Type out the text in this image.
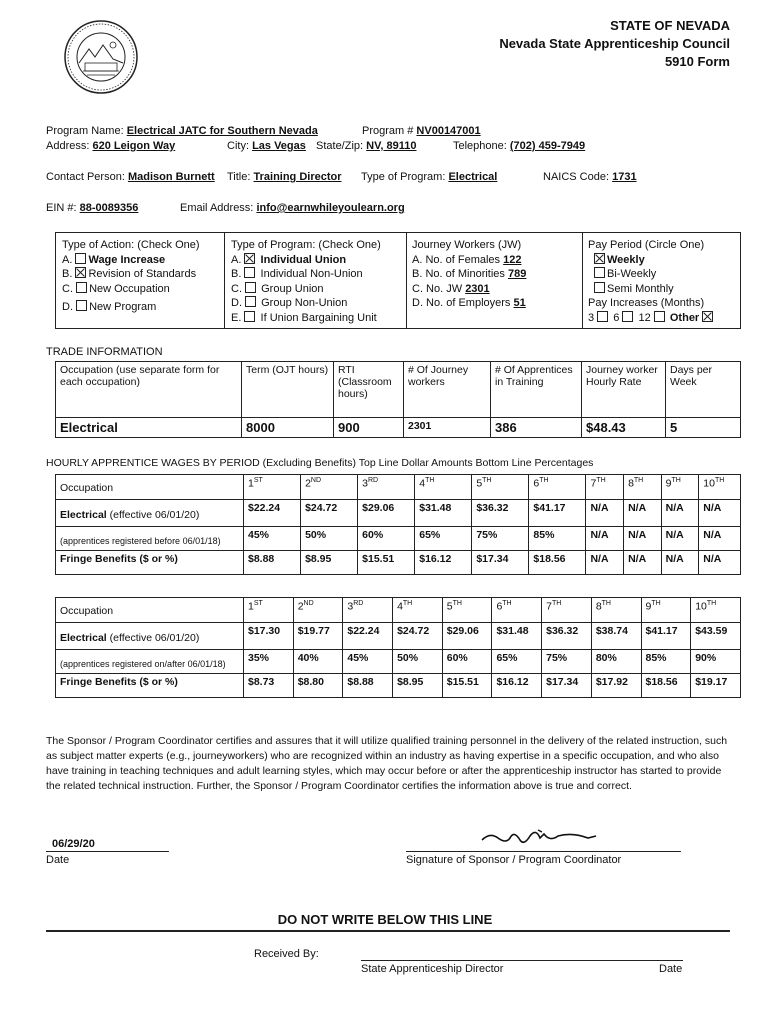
STATE OF NEVADA
Nevada State Apprenticeship Council
5910 Form
Program Name: Electrical JATC for Southern Nevada	Program # NV00147001
Address: 620 Leigon Way	City: Las Vegas State/Zip: NV, 89110	Telephone: (702) 459-7949
Contact Person: Madison Burnett Title: Training Director Type of Program: Electrical	NAICS Code: 1731
EIN #: 88-0089356	Email Address: info@earnwhileyoulearn.org
Type of Action: (Check One)
A. Wage Increase
B. Revision of Standards
C. New Occupation
D. New Program
Type of Program: (Check One)
A. Individual Union
B. Individual Non-Union
C. Group Union
D. Group Non-Union
E. If Union Bargaining Unit
Journey Workers (JW)
A. No. of Females 122
B. No. of Minorities 789
C. No. JW 2301
D. No. of Employers 51
Pay Period (Circle One)
Weekly
Bi-Weekly
Semi Monthly
Pay Increases (Months)
3 6 12 Other
TRADE INFORMATION
Occupation (use separate form for each occupation)	Term (OJT hours)	RTI (Classroom hours)	# Of Journey workers	# Of Apprentices in Training	Journey worker Hourly Rate	Days per Week
Electrical	8000	900	2301	386	$48.43	5
HOURLY APPRENTICE WAGES BY PERIOD (Excluding Benefits) Top Line Dollar Amounts Bottom Line Percentages
Occupation	1ST	2ND	3RD	4TH	5TH	6TH	7TH	8TH	9TH	10TH
Electrical (effective 06/01/20)	$22.24	$24.72	$29.06	$31.48	$36.32	$41.17	N/A	N/A	N/A	N/A
(apprentices registered before 06/01/18)	45%	50%	60%	65%	75%	85%	N/A	N/A	N/A	N/A
Fringe Benefits ($ or %)	$8.88	$8.95	$15.51	$16.12	$17.34	$18.56	N/A	N/A	N/A	N/A
Occupation	1ST	2ND	3RD	4TH	5TH	6TH	7TH	8TH	9TH	10TH
Electrical (effective 06/01/20)	$17.30	$19.77	$22.24	$24.72	$29.06	$31.48	$36.32	$38.74	$41.17	$43.59
(apprentices registered on/after 06/01/18)	35%	40%	45%	50%	60%	65%	75%	80%	85%	90%
Fringe Benefits ($ or %)	$8.73	$8.80	$8.88	$8.95	$15.51	$16.12	$17.34	$17.92	$18.56	$19.17
The Sponsor / Program Coordinator certifies and assures that it will utilize qualified training personnel in the delivery of the related instruction, such as subject matter experts (e.g., journeyworkers) who are recognized within an industry as having expertise in a specific occupation, and who also have training in teaching techniques and adult learning styles, which may occur before or after the apprenticeship instructor has started to provide the related technical instruction. Further, the Sponsor / Program Coordinator certifies the information above is true and correct.
06/29/20
Date	Signature of Sponsor / Program Coordinator
DO NOT WRITE BELOW THIS LINE
Received By:
State Apprenticeship Director	Date
